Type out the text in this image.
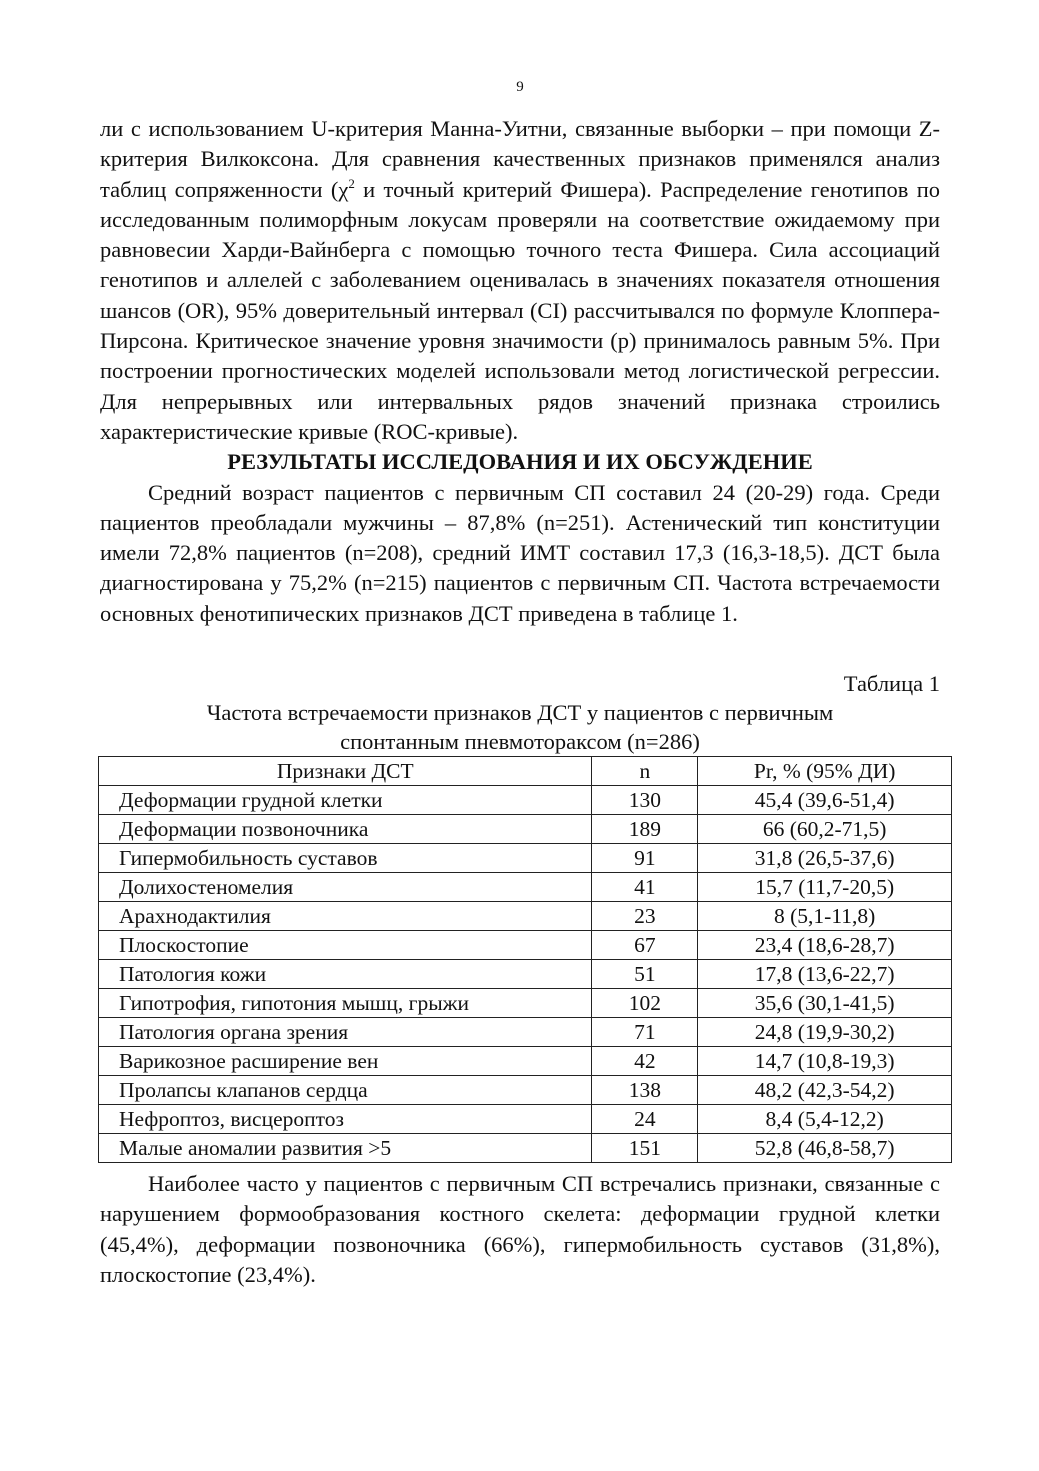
9

ли с использованием U-критерия Манна-Уитни, связанные выборки – при помощи Z-критерия Вилкоксона. Для сравнения качественных признаков применялся анализ таблиц сопряженности ($\chi^2$ и точный критерий Фишера). Распределение генотипов по исследованным полиморфным локусам проверяли на соответствие ожидаемому при равновесии Харди-Вайнберга с помощью точного теста Фишера. Сила ассоциаций генотипов и аллелей с заболеванием оценивалась в значениях показателя отношения шансов (OR), 95% доверительный интервал (CI) рассчитывался по формуле Клоппера-Пирсона. Критическое значение уровня значимости (p) принималось равным 5%. При построении прогностических моделей использовали метод логистической регрессии. Для непрерывных или интервальных рядов значений признака строились характеристические кривые (ROC-кривые).

РЕЗУЛЬТАТЫ ИССЛЕДОВАНИЯ И ИХ ОБСУЖДЕНИЕ

Средний возраст пациентов с первичным СП составил 24 (20-29) года. Среди пациентов преобладали мужчины – 87,8% (n=251). Астенический тип конституции имели 72,8% пациентов (n=208), средний ИМТ составил 17,3 (16,3-18,5). ДСТ была диагностирована у 75,2% (n=215) пациентов с первичным СП. Частота встречаемости основных фенотипических признаков ДСТ приведена в таблице 1.

Таблица 1
Частота встречаемости признаков ДСТ у пациентов с первичным
спонтанным пневмотораксом (n=286)
Признаки ДСТ	n	Pr, % (95% ДИ)
Деформации грудной клетки	130	45,4 (39,6-51,4)
Деформации позвоночника	189	66 (60,2-71,5)
Гипермобильность суставов	91	31,8 (26,5-37,6)
Долихостеномелия	41	15,7 (11,7-20,5)
Арахнодактилия	23	8 (5,1-11,8)
Плоскостопие	67	23,4 (18,6-28,7)
Патология кожи	51	17,8 (13,6-22,7)
Гипотрофия, гипотония мышц, грыжи	102	35,6 (30,1-41,5)
Патология органа зрения	71	24,8 (19,9-30,2)
Варикозное расширение вен	42	14,7 (10,8-19,3)
Пролапсы клапанов сердца	138	48,2 (42,3-54,2)
Нефроптоз, висцероптоз	24	8,4 (5,4-12,2)
Малые аномалии развития >5	151	52,8 (46,8-58,7)

Наиболее часто у пациентов с первичным СП встречались признаки, связанные с нарушением формообразования костного скелета: деформации грудной клетки (45,4%), деформации позвоночника (66%), гипермобильность суставов (31,8%), плоскостопие (23,4%).
